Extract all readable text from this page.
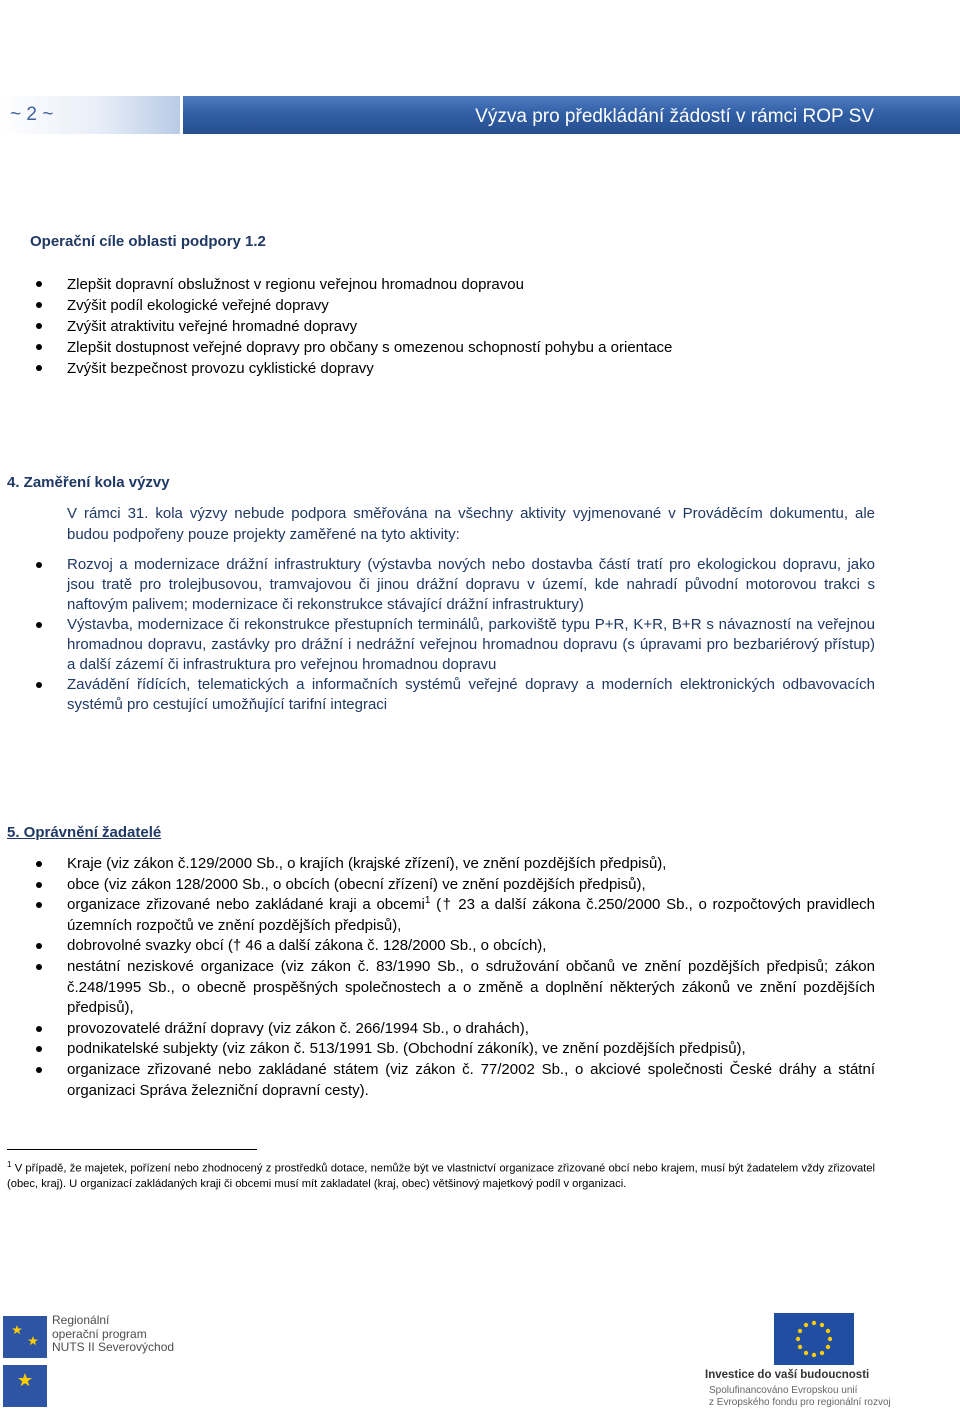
~ 2 ~	Výzva pro předkládání žádostí v rámci ROP SV
Operační cíle oblasti podpory 1.2
Zlepšit dopravní obslužnost v regionu veřejnou hromadnou dopravou
Zvýšit podíl ekologické veřejné dopravy
Zvýšit atraktivitu veřejné hromadné dopravy
Zlepšit dostupnost veřejné dopravy pro občany s omezenou schopností pohybu a orientace
Zvýšit bezpečnost provozu cyklistické dopravy
4. Zaměření kola výzvy
V rámci 31. kola výzvy nebude podpora směřována na všechny aktivity vyjmenované v Prováděcím dokumentu, ale budou podpořeny pouze projekty zaměřené na tyto aktivity:
Rozvoj a modernizace drážní infrastruktury (výstavba nových nebo dostavba částí tratí pro ekologickou dopravu, jako jsou tratě pro trolejbusovou, tramvajovou či jinou drážní dopravu v území, kde nahradí původní motorovou trakci s naftovým palivem; modernizace či rekonstrukce stávající drážní infrastruktury)
Výstavba, modernizace či rekonstrukce přestupních terminálů, parkoviště typu P+R, K+R, B+R s návazností na veřejnou hromadnou dopravu, zastávky pro drážní i nedrážní veřejnou hromadnou dopravu (s úpravami pro bezbariérový přístup) a další zázemí či infrastruktura pro veřejnou hromadnou dopravu
Zavádění řídících, telematických a informačních systémů veřejné dopravy a moderních elektronických odbavovacích systémů pro cestující umožňující tarifní integraci
5. Oprávnění žadatelé
Kraje (viz zákon č.129/2000 Sb., o krajích (krajské zřízení), ve znění pozdějších předpisů),
obce (viz zákon 128/2000 Sb., o obcích (obecní zřízení) ve znění pozdějších předpisů),
organizace zřizované nebo zakládané kraji a obcemi$^1$ († 23 a další zákona č.250/2000 Sb., o rozpočtových pravidlech územních rozpočtů ve znění pozdějších předpisů),
dobrovolné svazky obcí († 46 a další zákona č. 128/2000 Sb., o obcích),
nestátní neziskové organizace (viz zákon č. 83/1990 Sb., o sdružování občanů ve znění pozdějších předpisů; zákon č.248/1995 Sb., o obecně prospěšných společnostech a o změně a doplnění některých zákonů ve znění pozdějších předpisů),
provozovatelé drážní dopravy (viz zákon č. 266/1994 Sb., o drahách),
podnikatelské subjekty (viz zákon č. 513/1991 Sb. (Obchodní zákoník), ve znění pozdějších předpisů),
organizace zřizované nebo zakládané státem (viz zákon č. 77/2002 Sb., o akciové společnosti České dráhy a státní organizaci Správa železniční dopravní cesty).
$^1$ V případě, že majetek, pořízení nebo zhodnocený z prostředků dotace, nemůže být ve vlastnictví organizace zřizované obcí nebo krajem, musí být žadatelem vždy zřizovatel (obec, kraj). U organizací zakládaných kraji či obcemi musí mít zakladatel (kraj, obec) většinový majetkový podíl v organizaci.
Regionální
operační program
NUTS II Severovýchod
Investice do vaší budoucnosti
Spolufinancováno Evropskou unií
z Evropského fondu pro regionální rozvoj
